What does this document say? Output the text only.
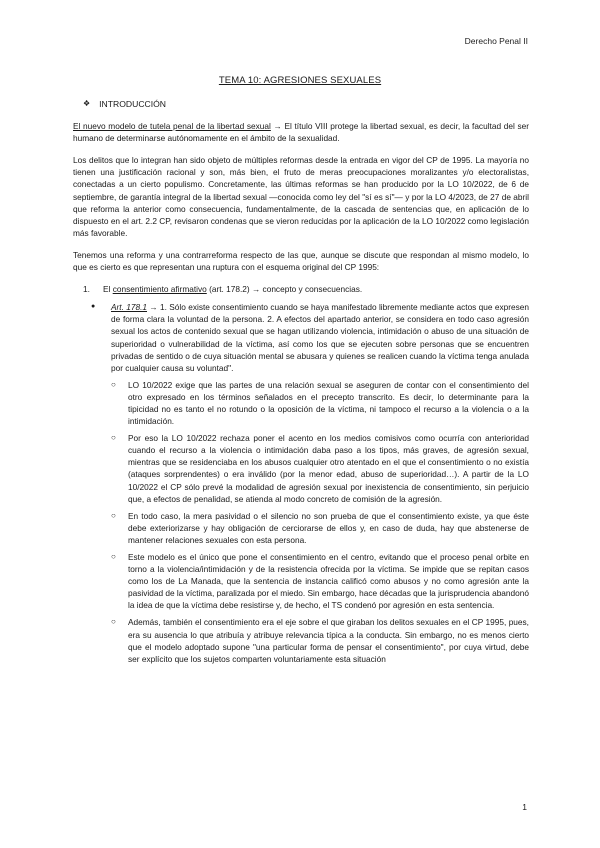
Derecho Penal II
TEMA 10: AGRESIONES SEXUALES
❖ INTRODUCCIÓN

El nuevo modelo de tutela penal de la libertad sexual → El título VIII protege la libertad sexual, es decir, la facultad del ser humano de determinarse autónomamente en el ámbito de la sexualidad.

Los delitos que lo integran han sido objeto de múltiples reformas desde la entrada en vigor del CP de 1995. La mayoría no tienen una justificación racional y son, más bien, el fruto de meras preocupaciones moralizantes y/o electoralistas, conectadas a un cierto populismo. Concretamente, las últimas reformas se han producido por la LO 10/2022, de 6 de septiembre, de garantía integral de la libertad sexual —conocida como ley del "sí es sí"— y por la LO 4/2023, de 27 de abril que reforma la anterior como consecuencia, fundamentalmente, de la cascada de sentencias que, en aplicación de lo dispuesto en el art. 2.2 CP, revisaron condenas que se vieron reducidas por la aplicación de la LO 10/2022 como legislación más favorable.

Tenemos una reforma y una contrarreforma respecto de las que, aunque se discute que respondan al mismo modelo, lo que es cierto es que representan una ruptura con el esquema original del CP 1995:

1. El consentimiento afirmativo (art. 178.2) → concepto y consecuencias.
●	Art. 178.1 → 1. Sólo existe consentimiento cuando se haya manifestado libremente mediante actos que expresen de forma clara la voluntad de la persona. 2. A efectos del apartado anterior, se considera en todo caso agresión sexual los actos de contenido sexual que se hagan utilizando violencia, intimidación o abuso de una situación de superioridad o vulnerabilidad de la víctima, así como los que se ejecuten sobre personas que se encuentren privadas de sentido o de cuya situación mental se abusara y quienes se realicen cuando la víctima tenga anulada por cualquier causa su voluntad".
○	LO 10/2022 exige que las partes de una relación sexual se aseguren de contar con el consentimiento del otro expresado en los términos señalados en el precepto transcrito. Es decir, lo determinante para la tipicidad no es tanto el no rotundo o la oposición de la víctima, ni tampoco el recurso a la violencia o a la intimidación.
○	Por eso la LO 10/2022 rechaza poner el acento en los medios comisivos como ocurría con anterioridad cuando el recurso a la violencia o intimidación daba paso a los tipos, más graves, de agresión sexual, mientras que se residenciaba en los abusos cualquier otro atentado en el que el consentimiento o no existía (ataques sorprendentes) o era inválido (por la menor edad, abuso de superioridad…). A partir de la LO 10/2022 el CP sólo prevé la modalidad de agresión sexual por inexistencia de consentimiento, sin perjuicio que, a efectos de penalidad, se atienda al modo concreto de comisión de la agresión.
○	En todo caso, la mera pasividad o el silencio no son prueba de que el consentimiento existe, ya que éste debe exteriorizarse y hay obligación de cerciorarse de ellos y, en caso de duda, hay que abstenerse de mantener relaciones sexuales con esta persona.
○	Este modelo es el único que pone el consentimiento en el centro, evitando que el proceso penal orbite en torno a la violencia/intimidación y de la resistencia ofrecida por la víctima. Se impide que se repitan casos como los de La Manada, que la sentencia de instancia calificó como abusos y no como agresión ante la pasividad de la víctima, paralizada por el miedo. Sin embargo, hace décadas que la jurisprudencia abandonó la idea de que la víctima debe resistirse y, de hecho, el TS condenó por agresión en esta sentencia.
○	Además, también el consentimiento era el eje sobre el que giraban los delitos sexuales en el CP 1995, pues, era su ausencia lo que atribuía y atribuye relevancia típica a la conducta. Sin embargo, no es menos cierto que el modelo adoptado supone "una particular forma de pensar el consentimiento", por cuya virtud, debe ser explícito que los sujetos comparten voluntariamente esta situación
1
